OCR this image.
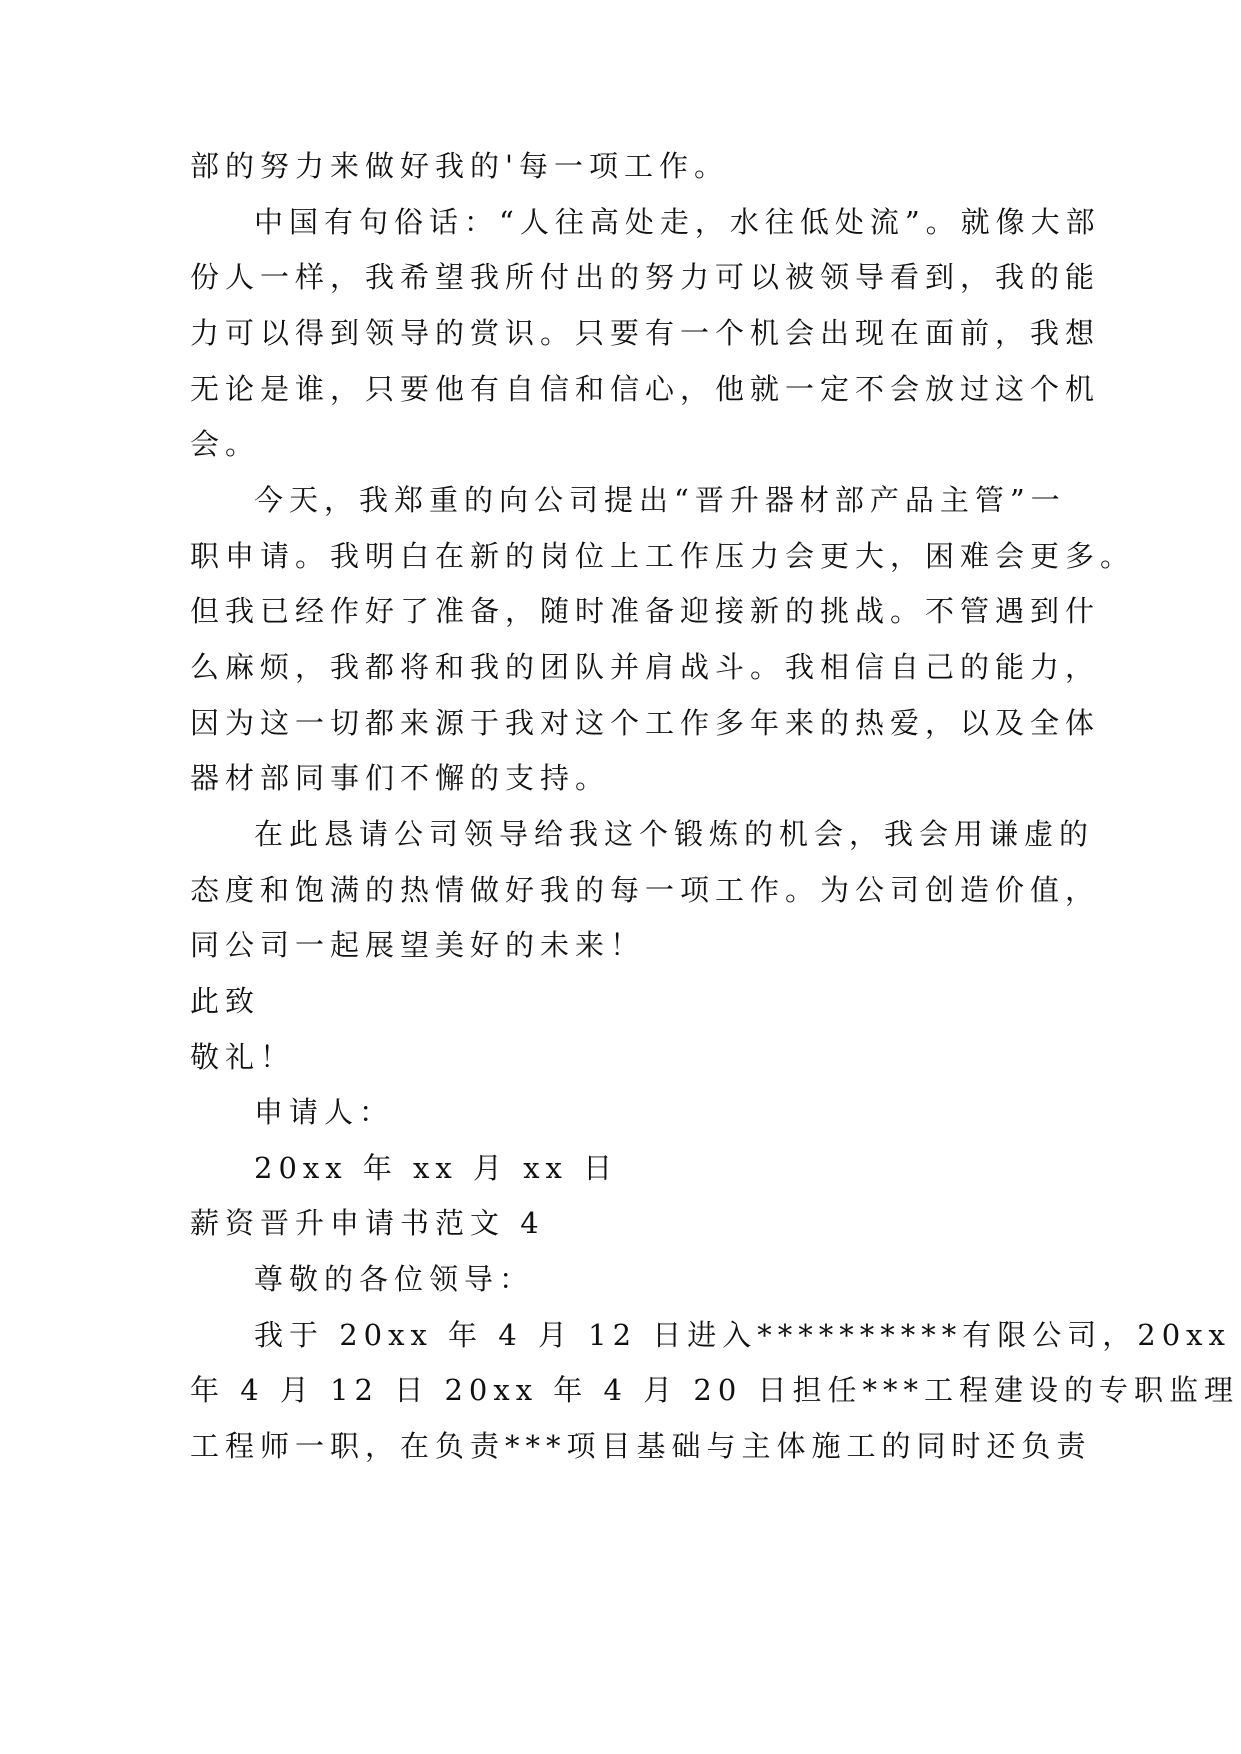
部的努力来做好我的'每一项工作。
中国有句俗话：“人往高处走，水往低处流”。就像大部
份人一样，我希望我所付出的努力可以被领导看到，我的能
力可以得到领导的赏识。只要有一个机会出现在面前，我想
无论是谁，只要他有自信和信心，他就一定不会放过这个机
会。
今天，我郑重的向公司提出“晋升器材部产品主管”一
职申请。我明白在新的岗位上工作压力会更大，困难会更多。
但我已经作好了准备，随时准备迎接新的挑战。不管遇到什
么麻烦，我都将和我的团队并肩战斗。我相信自己的能力，
因为这一切都来源于我对这个工作多年来的热爱，以及全体
器材部同事们不懈的支持。
在此恳请公司领导给我这个锻炼的机会，我会用谦虚的
态度和饱满的热情做好我的每一项工作。为公司创造价值，
同公司一起展望美好的未来！
此致
敬礼！
申请人：
20xx 年 xx 月 xx 日
薪资晋升申请书范文 4
尊敬的各位领导：
我于 20xx 年 4 月 12 日进入**********有限公司，20xx
年 4 月 12 日 20xx 年 4 月 20 日担任***工程建设的专职监理
工程师一职，在负责***项目基础与主体施工的同时还负责
